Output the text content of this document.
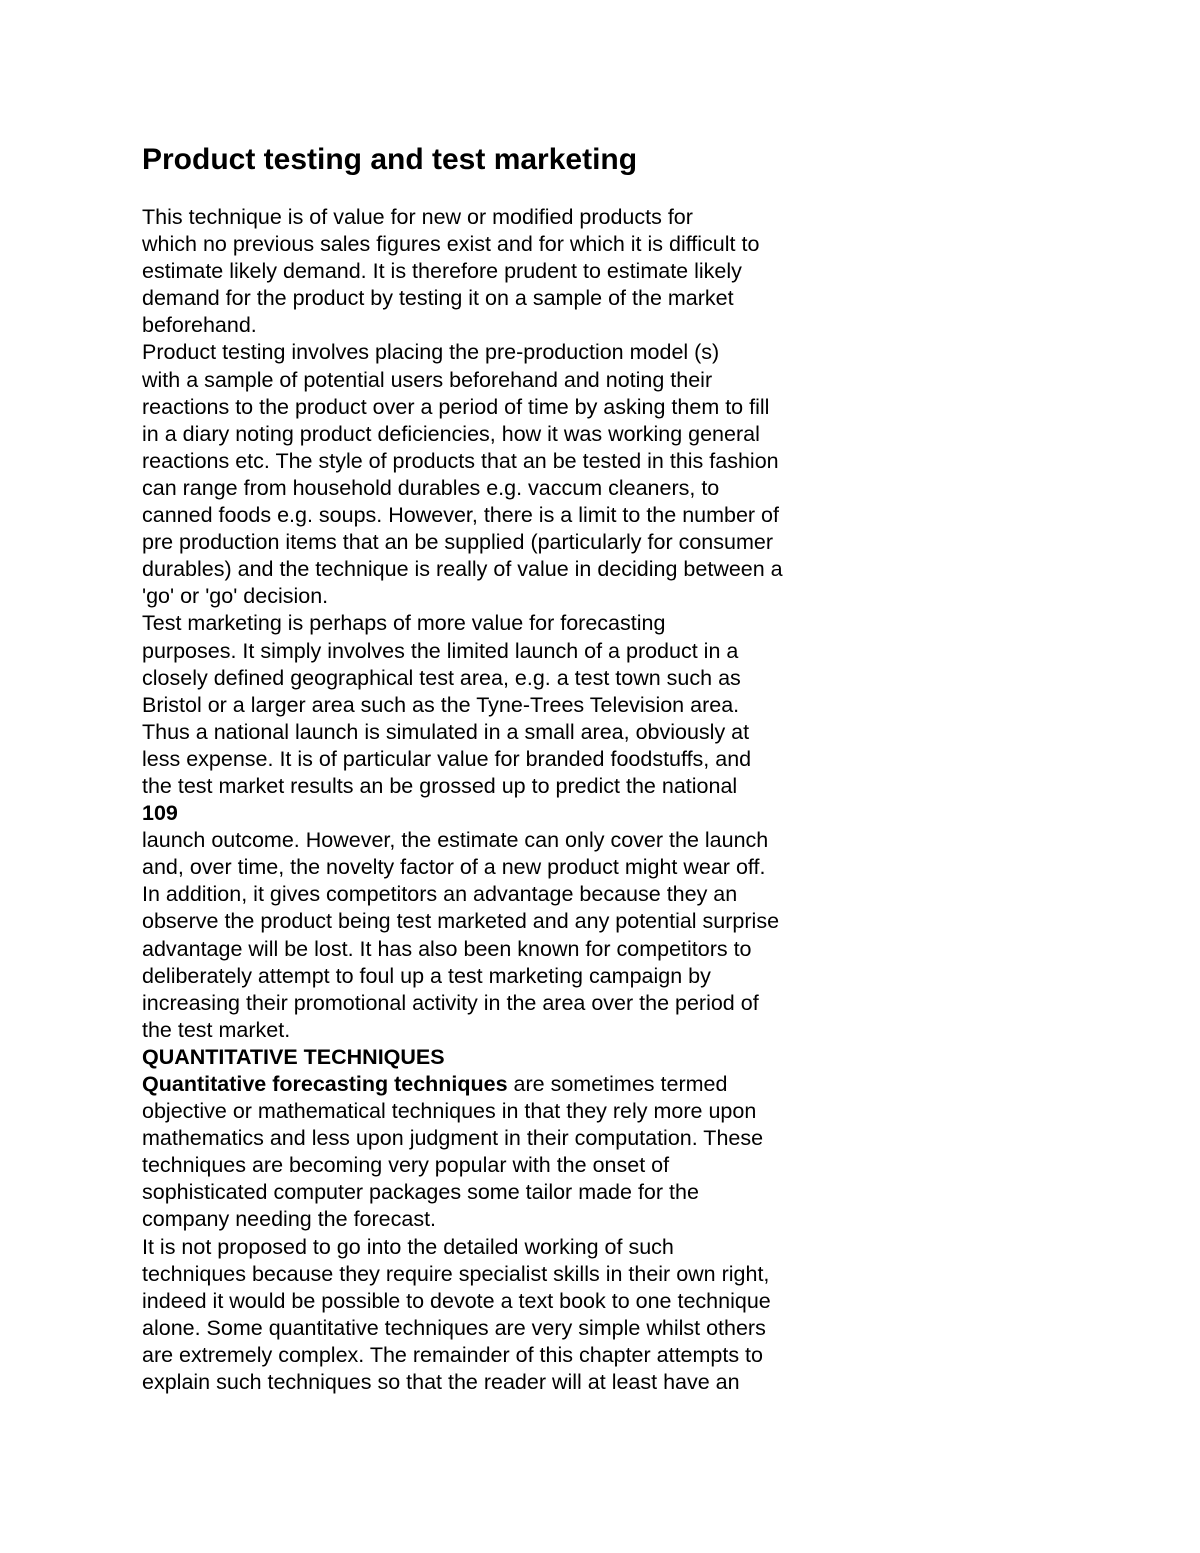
Product testing and test marketing
This technique is of value for new or modified products for
which no previous sales figures exist and for which it is difficult to
estimate likely demand. It is therefore prudent to estimate likely
demand for the product by testing it on a sample of the market
beforehand.
Product testing involves placing the pre-production model (s)
with a sample of potential users beforehand and noting their
reactions to the product over a period of time by asking them to fill
in a diary noting product deficiencies, how it was working general
reactions etc. The style of products that an be tested in this fashion
can range from household durables e.g. vaccum cleaners, to
canned foods e.g. soups. However, there is a limit to the number of
pre production items that an be supplied (particularly for consumer
durables) and the technique is really of value in deciding between a
'go' or 'go' decision.
Test marketing is perhaps of more value for forecasting
purposes. It simply involves the limited launch of a product in a
closely defined geographical test area, e.g. a test town such as
Bristol or a larger area such as the Tyne-Trees Television area.
Thus a national launch is simulated in a small area, obviously at
less expense. It is of particular value for branded foodstuffs, and
the test market results an be grossed up to predict the national
109
launch outcome. However, the estimate can only cover the launch
and, over time, the novelty factor of a new product might wear off.
In addition, it gives competitors an advantage because they an
observe the product being test marketed and any potential surprise
advantage will be lost. It has also been known for competitors to
deliberately attempt to foul up a test marketing campaign by
increasing their promotional activity in the area over the period of
the test market.
QUANTITATIVE TECHNIQUES
Quantitative forecasting techniques are sometimes termed
objective or mathematical techniques in that they rely more upon
mathematics and less upon judgment in their computation. These
techniques are becoming very popular with the onset of
sophisticated computer packages some tailor made for the
company needing the forecast.
It is not proposed to go into the detailed working of such
techniques because they require specialist skills in their own right,
indeed it would be possible to devote a text book to one technique
alone. Some quantitative techniques are very simple whilst others
are extremely complex. The remainder of this chapter attempts to
explain such techniques so that the reader will at least have an
